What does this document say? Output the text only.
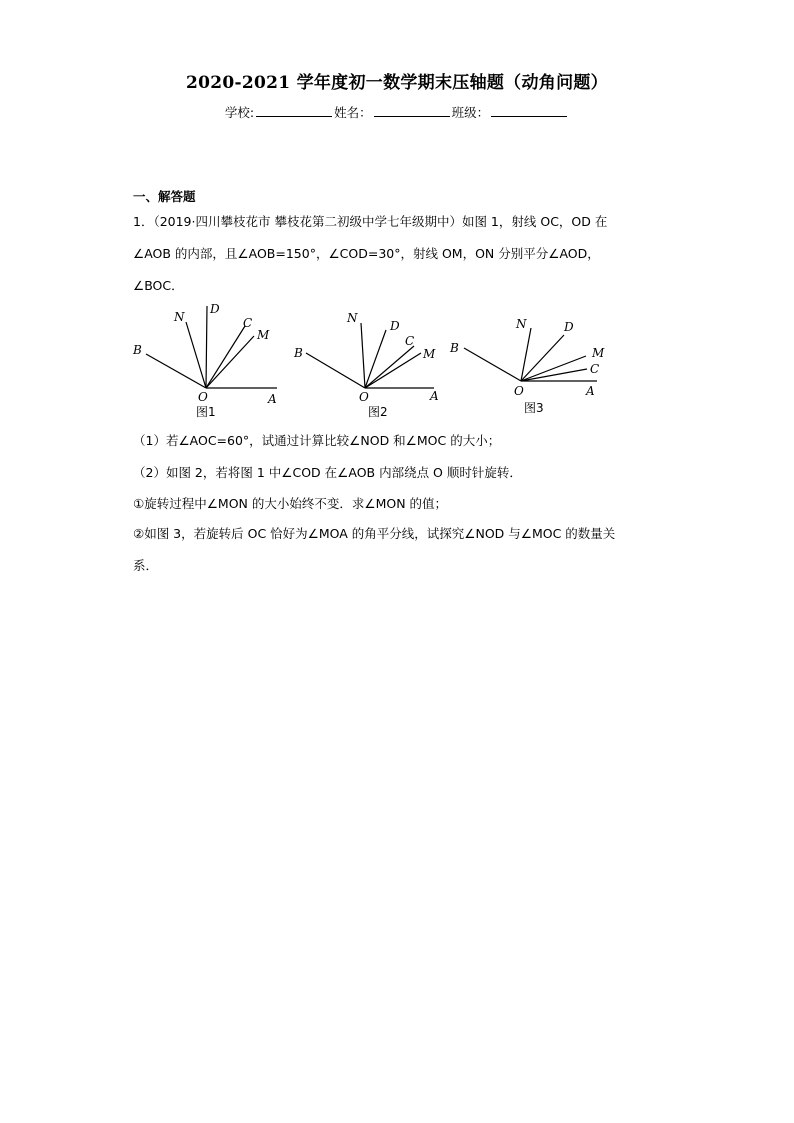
2020-2021 学年度初一数学期末压轴题（动角问题）
学校:	姓名：	班级：
一、解答题
1．（2019·四川攀枝花市 攀枝花第二初级中学七年级期中）如图 1，射线 OC，OD 在
∠AOB 的内部，且∠AOB=150°，∠COD=30°，射线 OM，ON 分别平分∠AOD，
∠BOC．
A
B
C
D
M
N
O
图1
A
B
C
D
M
N
O
图2
A
B
C
D
M
N
O
图3
（1）若∠AOC=60°，试通过计算比较∠NOD 和∠MOC 的大小；
（2）如图 2，若将图 1 中∠COD 在∠AOB 内部绕点 O 顺时针旋转．
①旋转过程中∠MON 的大小始终不变．求∠MON 的值；
②如图 3，若旋转后 OC 恰好为∠MOA 的角平分线，试探究∠NOD 与∠MOC 的数量关
系．
